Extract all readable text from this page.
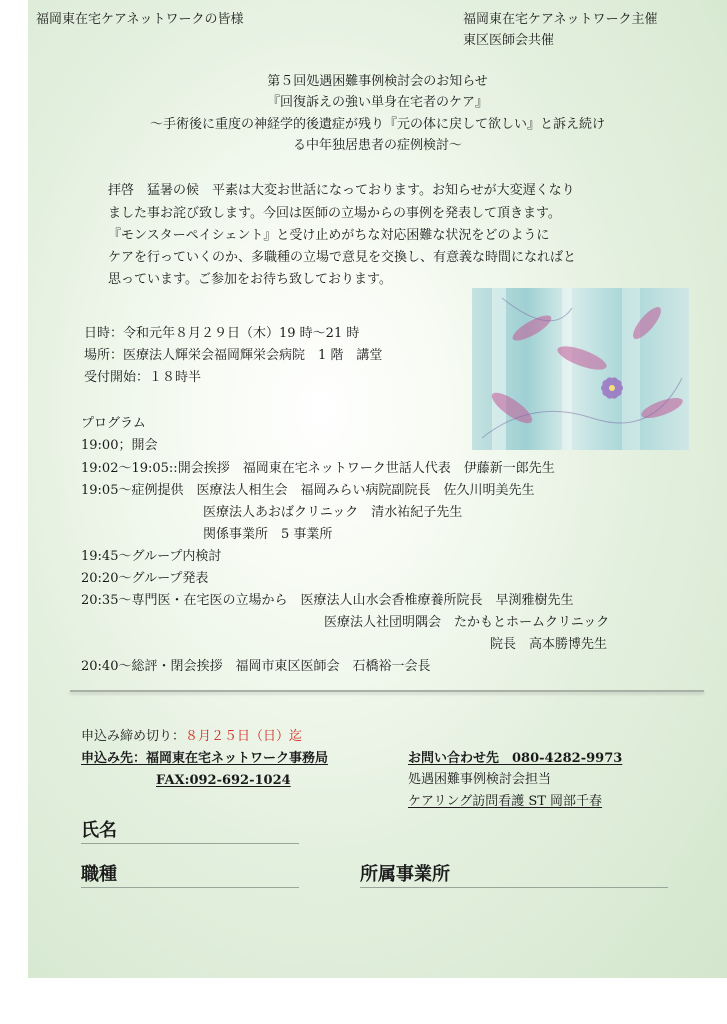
福岡東在宅ケアネットワークの皆様	福岡東在宅ケアネットワーク主催
東区医師会共催
第５回処遇困難事例検討会のお知らせ
『回復訴えの強い単身在宅者のケア』
〜手術後に重度の神経学的後遺症が残り『元の体に戻して欲しい』と訴え続け
る中年独居患者の症例検討〜
拝啓　猛暑の候　平素は大変お世話になっております。お知らせが大変遅くなり
ました事お詫び致します。今回は医師の立場からの事例を発表して頂きます。
『モンスターペイシェント』と受け止めがちな対応困難な状況をどのように
ケアを行っていくのか、多職種の立場で意見を交換し、有意義な時間になればと
思っています。ご参加をお待ち致しております。
日時：令和元年８月２９日（木）19 時〜21 時
場所：医療法人輝栄会福岡輝栄会病院　1 階　講堂
受付開始：１８時半
プログラム
19:00；開会
19:02〜19:05::開会挨拶　福岡東在宅ネットワーク世話人代表　伊藤新一郎先生
19:05〜症例提供　医療法人相生会　福岡みらい病院副院長　佐久川明美先生
医療法人あおばクリニック　清水祐紀子先生
関係事業所　5 事業所
19:45〜グループ内検討
20:20〜グループ発表
20:35〜専門医・在宅医の立場から　医療法人山水会香椎療養所院長　早渕雅樹先生
医療法人社団明隅会　たかもとホームクリニック
院長　高本勝博先生
20:40〜総評・閉会挨拶　福岡市東区医師会　石橋裕一会長
申込み締め切り：８月２５日（日）迄
申込み先：福岡東在宅ネットワーク事務局
FAX:092-692-1024
お問い合わせ先　080-4282-9973
処遇困難事例検討会担当
ケアリング訪問看護 ST 岡部千春
氏名
職種	所属事業所
